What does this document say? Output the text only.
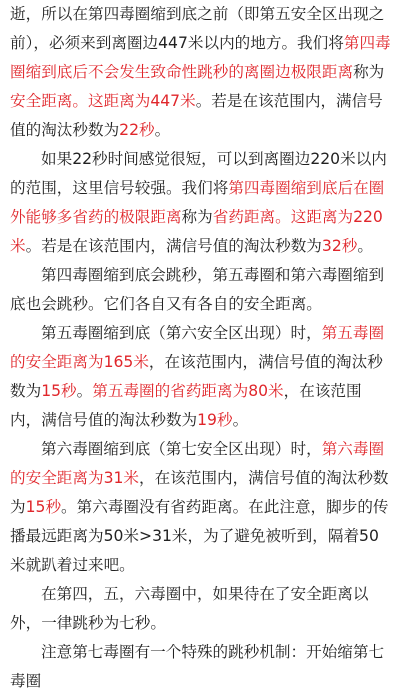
逝，所以在第四毒圈缩到底之前（即第五安全区出现之前），必须来到离圈边447米以内的地方。我们将第四毒圈缩到底后不会发生致命性跳秒的离圈边极限距离称为安全距离。这距离为447米。若是在该范围内，满信号值的淘汰秒数为22秒。

如果22秒时间感觉很短，可以到离圈边220米以内的范围，这里信号较强。我们将第四毒圈缩到底后在圈外能够多省药的极限距离称为省药距离。这距离为220米。若是在该范围内，满信号值的淘汰秒数为32秒。

第四毒圈缩到底会跳秒，第五毒圈和第六毒圈缩到底也会跳秒。它们各自又有各自的安全距离。

第五毒圈缩到底（第六安全区出现）时，第五毒圈的安全距离为165米，在该范围内，满信号值的淘汰秒数为15秒。第五毒圈的省药距离为80米，在该范围内，满信号值的淘汰秒数为19秒。

第六毒圈缩到底（第七安全区出现）时，第六毒圈的安全距离为31米，在该范围内，满信号值的淘汰秒数为15秒。第六毒圈没有省药距离。在此注意，脚步的传播最远距离为50米>31米，为了避免被听到，隔着50米就趴着过来吧。

在第四，五，六毒圈中，如果待在了安全距离以外，一律跳秒为七秒。

注意第七毒圈有一个特殊的跳秒机制：开始缩第七毒圈
